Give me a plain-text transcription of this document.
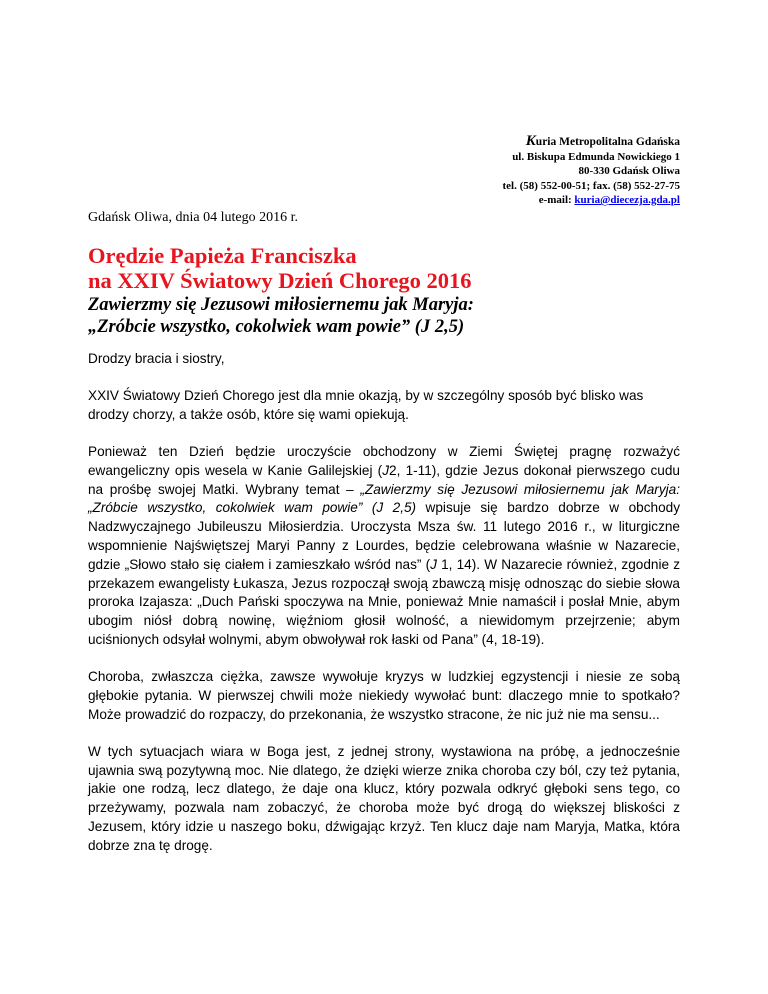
Kuria Metropolitalna Gdańska
ul. Biskupa Edmunda Nowickiego 1
80-330 Gdańsk Oliwa
tel. (58) 552-00-51; fax. (58) 552-27-75
e-mail: kuria@diecezja.gda.pl
Gdańsk Oliwa, dnia 04 lutego 2016 r.
Orędzie Papieża Franciszka
na XXIV Światowy Dzień Chorego 2016
Zawierzmy się Jezusowi miłosiernemu jak Maryja:
„Zróbcie wszystko, cokolwiek wam powie” (J 2,5)

Drodzy bracia i siostry,

XXIV Światowy Dzień Chorego jest dla mnie okazją, by w szczególny sposób być blisko was drodzy chorzy, a także osób, które się wami opiekują.

Ponieważ ten Dzień będzie uroczyście obchodzony w Ziemi Świętej pragnę rozważyć ewangeliczny opis wesela w Kanie Galilejskiej (J2, 1-11), gdzie Jezus dokonał pierwszego cudu na prośbę swojej Matki. Wybrany temat – „Zawierzmy się Jezusowi miłosiernemu jak Maryja: „Zróbcie wszystko, cokolwiek wam powie” (J 2,5) wpisuje się bardzo dobrze w obchody Nadzwyczajnego Jubileuszu Miłosierdzia. Uroczysta Msza św. 11 lutego 2016 r., w liturgiczne wspomnienie Najświętszej Maryi Panny z Lourdes, będzie celebrowana właśnie w Nazarecie, gdzie „Słowo stało się ciałem i zamieszkało wśród nas” (J 1, 14). W Nazarecie również, zgodnie z przekazem ewangelisty Łukasza, Jezus rozpoczął swoją zbawczą misję odnosząc do siebie słowa proroka Izajasza: „Duch Pański spoczywa na Mnie, ponieważ Mnie namaścił i posłał Mnie, abym ubogim niósł dobrą nowinę, więźniom głosił wolność, a niewidomym przejrzenie; abym uciśnionych odsyłał wolnymi, abym obwoływał rok łaski od Pana” (4, 18-19).

Choroba, zwłaszcza ciężka, zawsze wywołuje kryzys w ludzkiej egzystencji i niesie ze sobą głębokie pytania. W pierwszej chwili może niekiedy wywołać bunt: dlaczego mnie to spotkało? Może prowadzić do rozpaczy, do przekonania, że wszystko stracone, że nic już nie ma sensu...

W tych sytuacjach wiara w Boga jest, z jednej strony, wystawiona na próbę, a jednocześnie ujawnia swą pozytywną moc. Nie dlatego, że dzięki wierze znika choroba czy ból, czy też pytania, jakie one rodzą, lecz dlatego, że daje ona klucz, który pozwala odkryć głęboki sens tego, co przeżywamy, pozwala nam zobaczyć, że choroba może być drogą do większej bliskości z Jezusem, który idzie u naszego boku, dźwigając krzyż. Ten klucz daje nam Maryja, Matka, która dobrze zna tę drogę.
